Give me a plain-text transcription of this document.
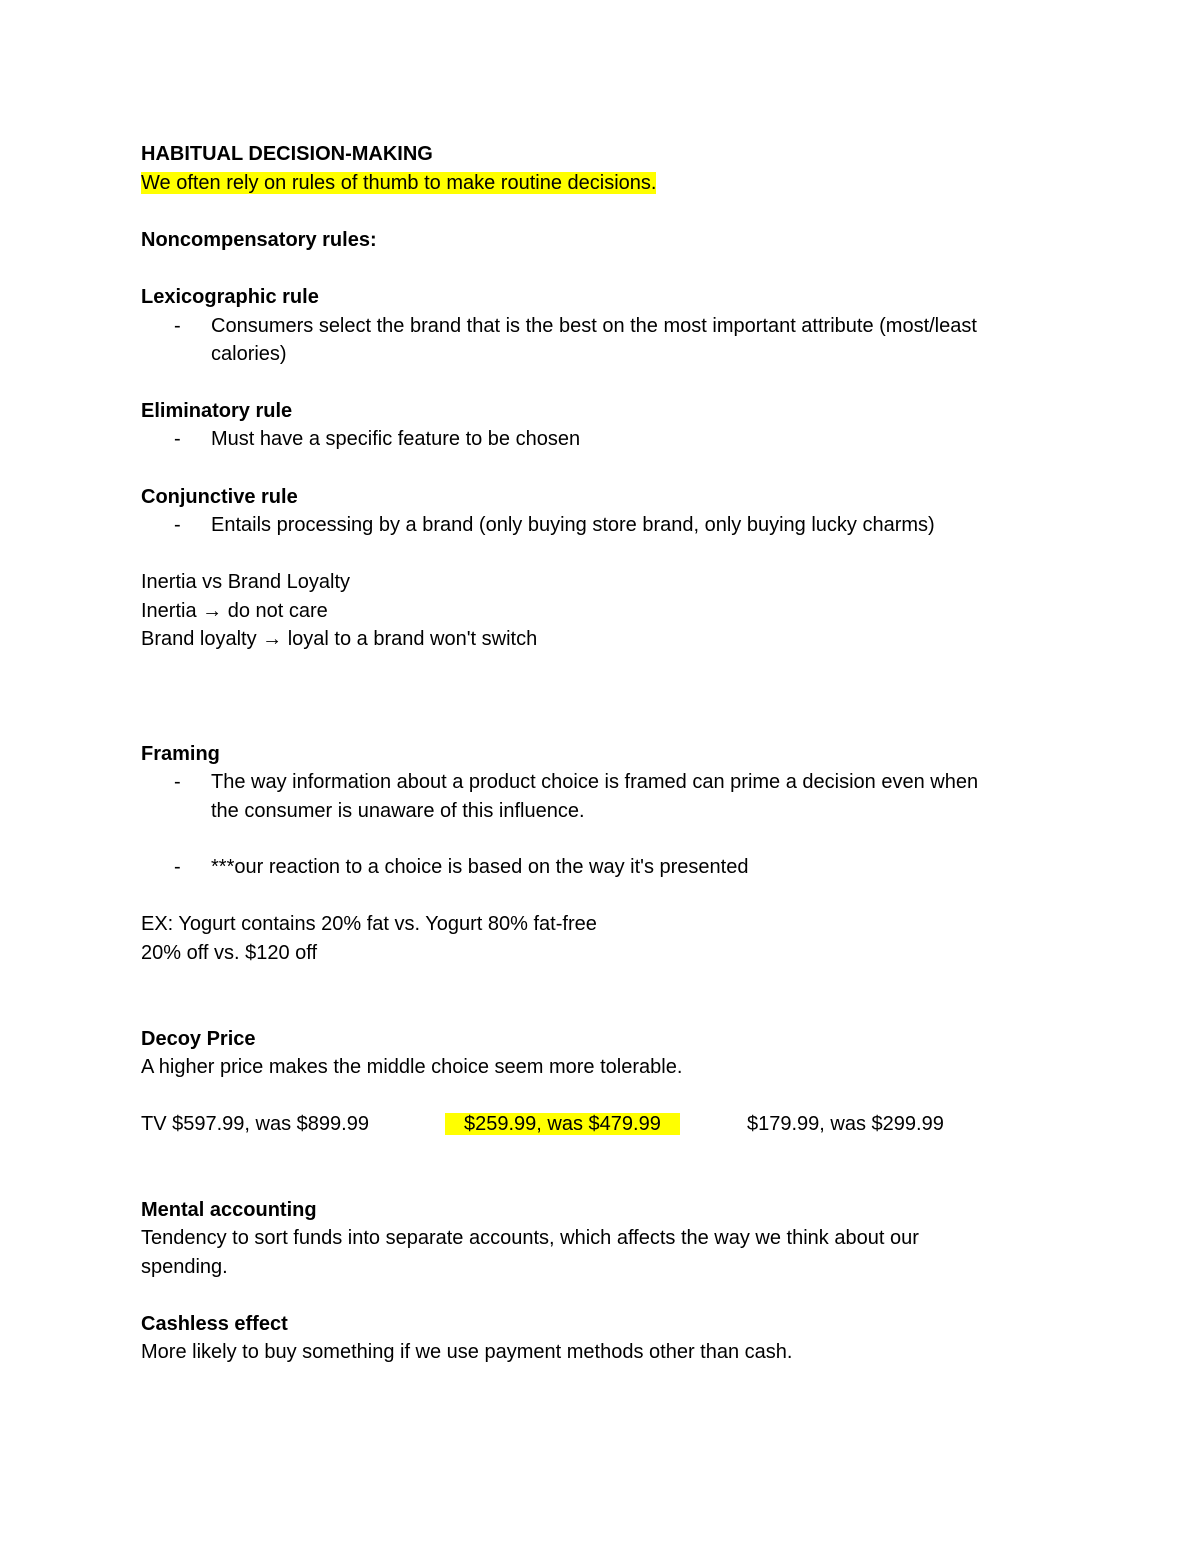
HABITUAL DECISION-MAKING
We often rely on rules of thumb to make routine decisions.
Noncompensatory rules:
Lexicographic rule
- Consumers select the brand that is the best on the most important attribute (most/least
calories)
Eliminatory rule
- Must have a specific feature to be chosen
Conjunctive rule
- Entails processing by a brand (only buying store brand, only buying lucky charms)
Inertia vs Brand Loyalty
Inertia → do not care
Brand loyalty → loyal to a brand won't switch
Framing
- The way information about a product choice is framed can prime a decision even when
the consumer is unaware of this influence.
- ***our reaction to a choice is based on the way it's presented
EX: Yogurt contains 20% fat vs. Yogurt 80% fat-free
20% off vs. $120 off
Decoy Price
A higher price makes the middle choice seem more tolerable.
TV $597.99, was $899.99	$259.99, was $479.99	$179.99, was $299.99
Mental accounting
Tendency to sort funds into separate accounts, which affects the way we think about our
spending.
Cashless effect
More likely to buy something if we use payment methods other than cash.
